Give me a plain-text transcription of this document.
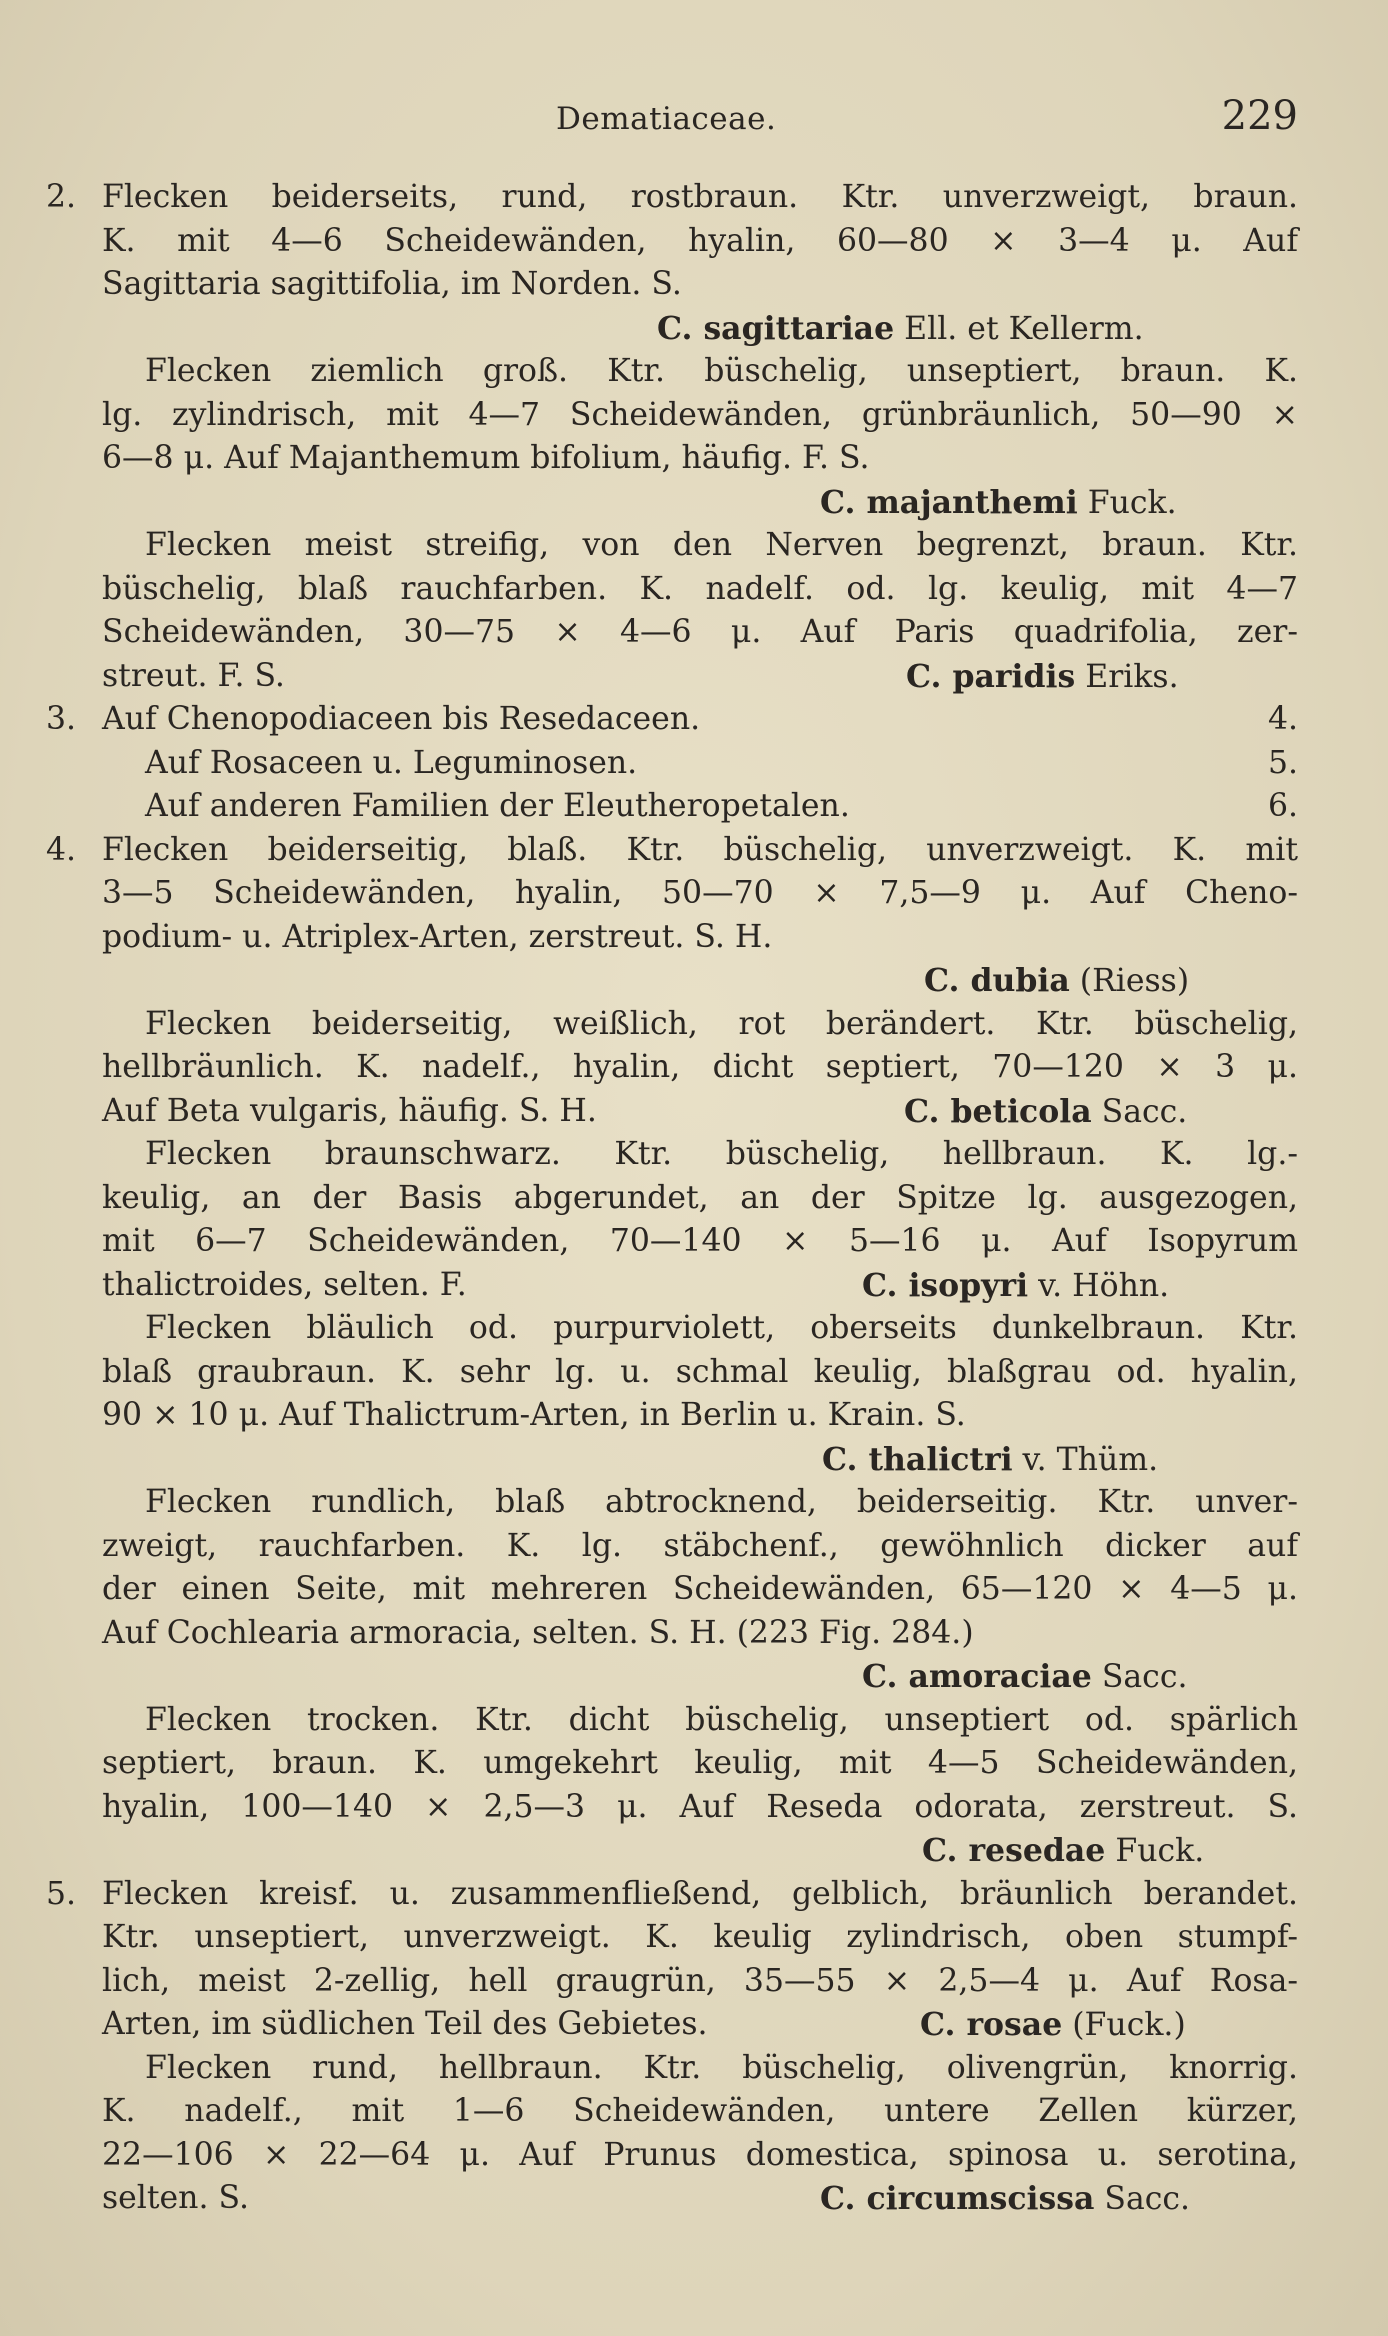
Dematiaceae.	229
2. Flecken beiderseits, rund, rostbraun. Ktr. unverzweigt, braun.
K. mit 4—6 Scheidewänden, hyalin, 60—80 × 3—4 μ. Auf
Sagittaria sagittifolia, im Norden. S.
C. sagittariae Ell. et Kellerm.
Flecken ziemlich groß. Ktr. büschelig, unseptiert, braun. K.
lg. zylindrisch, mit 4—7 Scheidewänden, grünbräunlich, 50—90 ×
6—8 μ. Auf Majanthemum bifolium, häufig. F. S.
C. majanthemi Fuck.
Flecken meist streifig, von den Nerven begrenzt, braun. Ktr.
büschelig, blaß rauchfarben. K. nadelf. od. lg. keulig, mit 4—7
Scheidewänden, 30—75 × 4—6 μ. Auf Paris quadrifolia, zer-
streut. F. S.	C. paridis Eriks.
3. Auf Chenopodiaceen bis Resedaceen.	4.
Auf Rosaceen u. Leguminosen.	5.
Auf anderen Familien der Eleutheropetalen.	6.
4. Flecken beiderseitig, blaß. Ktr. büschelig, unverzweigt. K. mit
3—5 Scheidewänden, hyalin, 50—70 × 7,5—9 μ. Auf Cheno-
podium- u. Atriplex-Arten, zerstreut. S. H.
C. dubia (Riess)
Flecken beiderseitig, weißlich, rot berändert. Ktr. büschelig,
hellbräunlich. K. nadelf., hyalin, dicht septiert, 70—120 × 3 μ.
Auf Beta vulgaris, häufig. S. H.	C. beticola Sacc.
Flecken braunschwarz. Ktr. büschelig, hellbraun. K. lg.-
keulig, an der Basis abgerundet, an der Spitze lg. ausgezogen,
mit 6—7 Scheidewänden, 70—140 × 5—16 μ. Auf Isopyrum
thalictroides, selten. F.	C. isopyri v. Höhn.
Flecken bläulich od. purpurviolett, oberseits dunkelbraun. Ktr.
blaß graubraun. K. sehr lg. u. schmal keulig, blaßgrau od. hyalin,
90 × 10 μ. Auf Thalictrum-Arten, in Berlin u. Krain. S.
C. thalictri v. Thüm.
Flecken rundlich, blaß abtrocknend, beiderseitig. Ktr. unver-
zweigt, rauchfarben. K. lg. stäbchenf., gewöhnlich dicker auf
der einen Seite, mit mehreren Scheidewänden, 65—120 × 4—5 μ.
Auf Cochlearia armoracia, selten. S. H. (223 Fig. 284.)
C. amoraciae Sacc.
Flecken trocken. Ktr. dicht büschelig, unseptiert od. spärlich
septiert, braun. K. umgekehrt keulig, mit 4—5 Scheidewänden,
hyalin, 100—140 × 2,5—3 μ. Auf Reseda odorata, zerstreut. S.
C. resedae Fuck.
5. Flecken kreisf. u. zusammenfließend, gelblich, bräunlich berandet.
Ktr. unseptiert, unverzweigt. K. keulig zylindrisch, oben stumpf-
lich, meist 2-zellig, hell graugrün, 35—55 × 2,5—4 μ. Auf Rosa-
Arten, im südlichen Teil des Gebietes.	C. rosae (Fuck.)
Flecken rund, hellbraun. Ktr. büschelig, olivengrün, knorrig.
K. nadelf., mit 1—6 Scheidewänden, untere Zellen kürzer,
22—106 × 22—64 μ. Auf Prunus domestica, spinosa u. serotina,
selten. S.	C. circumscissa Sacc.
